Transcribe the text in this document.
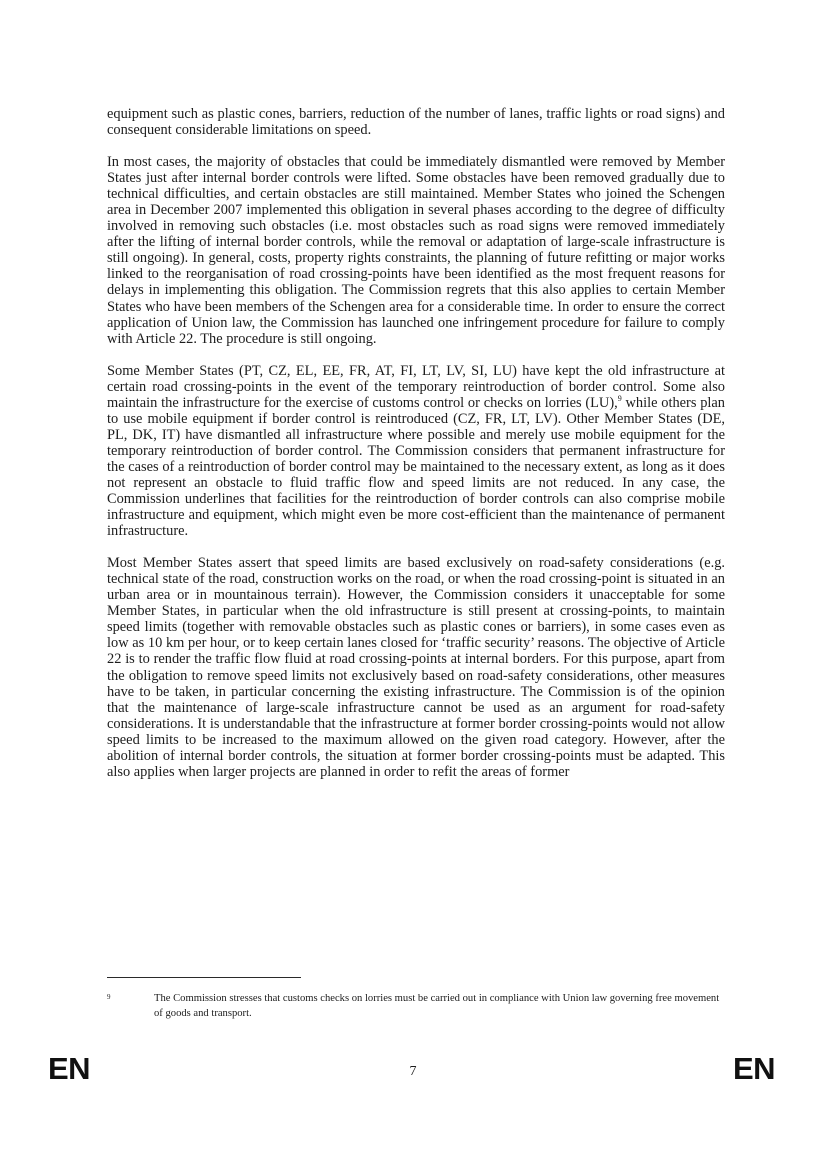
equipment such as plastic cones, barriers, reduction of the number of lanes, traffic lights or road signs) and consequent considerable limitations on speed.

In most cases, the majority of obstacles that could be immediately dismantled were removed by Member States just after internal border controls were lifted. Some obstacles have been removed gradually due to technical difficulties, and certain obstacles are still maintained. Member States who joined the Schengen area in December 2007 implemented this obligation in several phases according to the degree of difficulty involved in removing such obstacles (i.e. most obstacles such as road signs were removed immediately after the lifting of internal border controls, while the removal or adaptation of large-scale infrastructure is still ongoing). In general, costs, property rights constraints, the planning of future refitting or major works linked to the reorganisation of road crossing-points have been identified as the most frequent reasons for delays in implementing this obligation. The Commission regrets that this also applies to certain Member States who have been members of the Schengen area for a considerable time. In order to ensure the correct application of Union law, the Commission has launched one infringement procedure for failure to comply with Article 22. The procedure is still ongoing.

Some Member States (PT, CZ, EL, EE, FR, AT, FI, LT, LV, SI, LU) have kept the old infrastructure at certain road crossing-points in the event of the temporary reintroduction of border control. Some also maintain the infrastructure for the exercise of customs control or checks on lorries (LU),$^9$ while others plan to use mobile equipment if border control is reintroduced (CZ, FR, LT, LV). Other Member States (DE, PL, DK, IT) have dismantled all infrastructure where possible and merely use mobile equipment for the temporary reintroduction of border control. The Commission considers that permanent infrastructure for the cases of a reintroduction of border control may be maintained to the necessary extent, as long as it does not represent an obstacle to fluid traffic flow and speed limits are not reduced. In any case, the Commission underlines that facilities for the reintroduction of border controls can also comprise mobile infrastructure and equipment, which might even be more cost-efficient than the maintenance of permanent infrastructure.

Most Member States assert that speed limits are based exclusively on road-safety considerations (e.g. technical state of the road, construction works on the road, or when the road crossing-point is situated in an urban area or in mountainous terrain). However, the Commission considers it unacceptable for some Member States, in particular when the old infrastructure is still present at crossing-points, to maintain speed limits (together with removable obstacles such as plastic cones or barriers), in some cases even as low as 10 km per hour, or to keep certain lanes closed for ‘traffic security’ reasons. The objective of Article 22 is to render the traffic flow fluid at road crossing-points at internal borders. For this purpose, apart from the obligation to remove speed limits not exclusively based on road-safety considerations, other measures have to be taken, in particular concerning the existing infrastructure. The Commission is of the opinion that the maintenance of large-scale infrastructure cannot be used as an argument for road-safety considerations. It is understandable that the infrastructure at former border crossing-points would not allow speed limits to be increased to the maximum allowed on the given road category. However, after the abolition of internal border controls, the situation at former border crossing-points must be adapted. This also applies when larger projects are planned in order to refit the areas of former

9	The Commission stresses that customs checks on lorries must be carried out in compliance with Union law governing free movement of goods and transport.
EN	7	EN
